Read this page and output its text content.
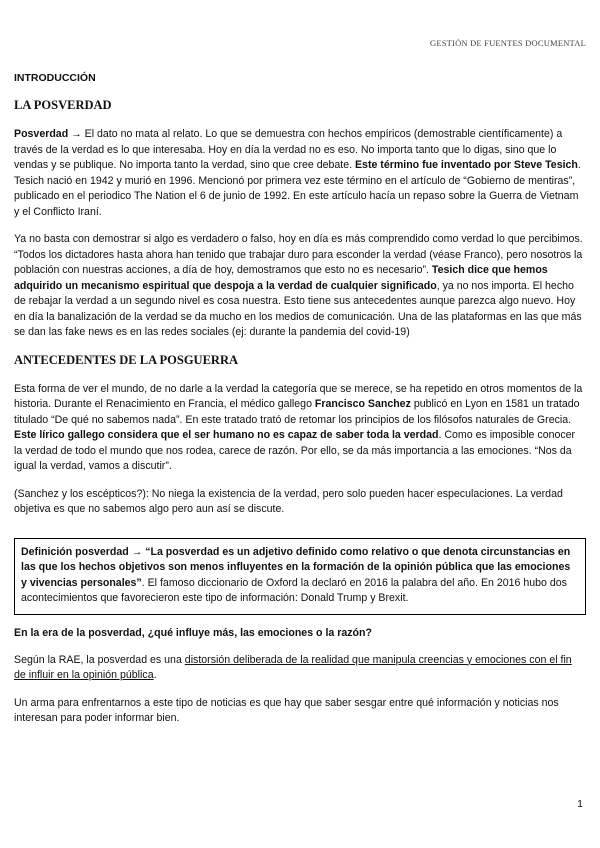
GESTIÓN DE FUENTES DOCUMENTAL
INTRODUCCIÓN
LA POSVERDAD

Posverdad → El dato no mata al relato. Lo que se demuestra con hechos empíricos (demostrable científicamente) a través de la verdad es lo que interesaba. Hoy en día la verdad no es eso. No importa tanto que lo digas, sino que lo vendas y se publique. No importa tanto la verdad, sino que cree debate. Este término fue inventado por Steve Tesich. Tesich nació en 1942 y murió en 1996. Mencionó por primera vez este término en el artículo de “Gobierno de mentiras”, publicado en el periodico The Nation el 6 de junio de 1992. En este artículo hacía un repaso sobre la Guerra de Vietnam y el Conflicto Iraní.

Ya no basta con demostrar si algo es verdadero o falso, hoy en día es más comprendido como verdad lo que percibimos. “Todos los dictadores hasta ahora han tenido que trabajar duro para esconder la verdad (véase Franco), pero nosotros la población con nuestras acciones, a día de hoy, demostramos que esto no es necesario”. Tesich dice que hemos adquirido un mecanismo espiritual que despoja a la verdad de cualquier significado, ya no nos importa. El hecho de rebajar la verdad a un segundo nivel es cosa nuestra. Esto tiene sus antecedentes aunque parezca algo nuevo. Hoy en día la banalización de la verdad se da mucho en los medios de comunicación. Una de las plataformas en las que más se dan las fake news es en las redes sociales (ej: durante la pandemia del covid-19)

ANTECEDENTES DE LA POSGUERRA

Esta forma de ver el mundo, de no darle a la verdad la categoría que se merece, se ha repetido en otros momentos de la historia. Durante el Renacimiento en Francia, el médico gallego Francisco Sanchez publicó en Lyon en 1581 un tratado titulado “De qué no sabemos nada”. En este tratado trató de retomar los principios de los filósofos naturales de Grecia. Este lírico gallego considera que el ser humano no es capaz de saber toda la verdad. Como es imposible conocer la verdad de todo el mundo que nos rodea, carece de razón. Por ello, se da más importancia a las emociones. “Nos da igual la verdad, vamos a discutir”.

(Sanchez y los escépticos?): No niega la existencia de la verdad, pero solo pueden hacer especulaciones. La verdad objetiva es que no sabemos algo pero aun así se discute.

Definición posverdad → “La posverdad es un adjetivo definido como relativo o que denota circunstancias en las que los hechos objetivos son menos influyentes en la formación de la opinión pública que las emociones y vivencias personales”. El famoso diccionario de Oxford la declaró en 2016 la palabra del año. En 2016 hubo dos acontecimientos que favorecieron este tipo de información: Donald Trump y Brexit.

En la era de la posverdad, ¿qué influye más, las emociones o la razón?

Según la RAE, la posverdad es una distorsión deliberada de la realidad que manipula creencias y emociones con el fin de influir en la opinión pública.

Un arma para enfrentarnos a este tipo de noticias es que hay que saber sesgar entre qué información y noticias nos interesan para poder informar bien.

1
